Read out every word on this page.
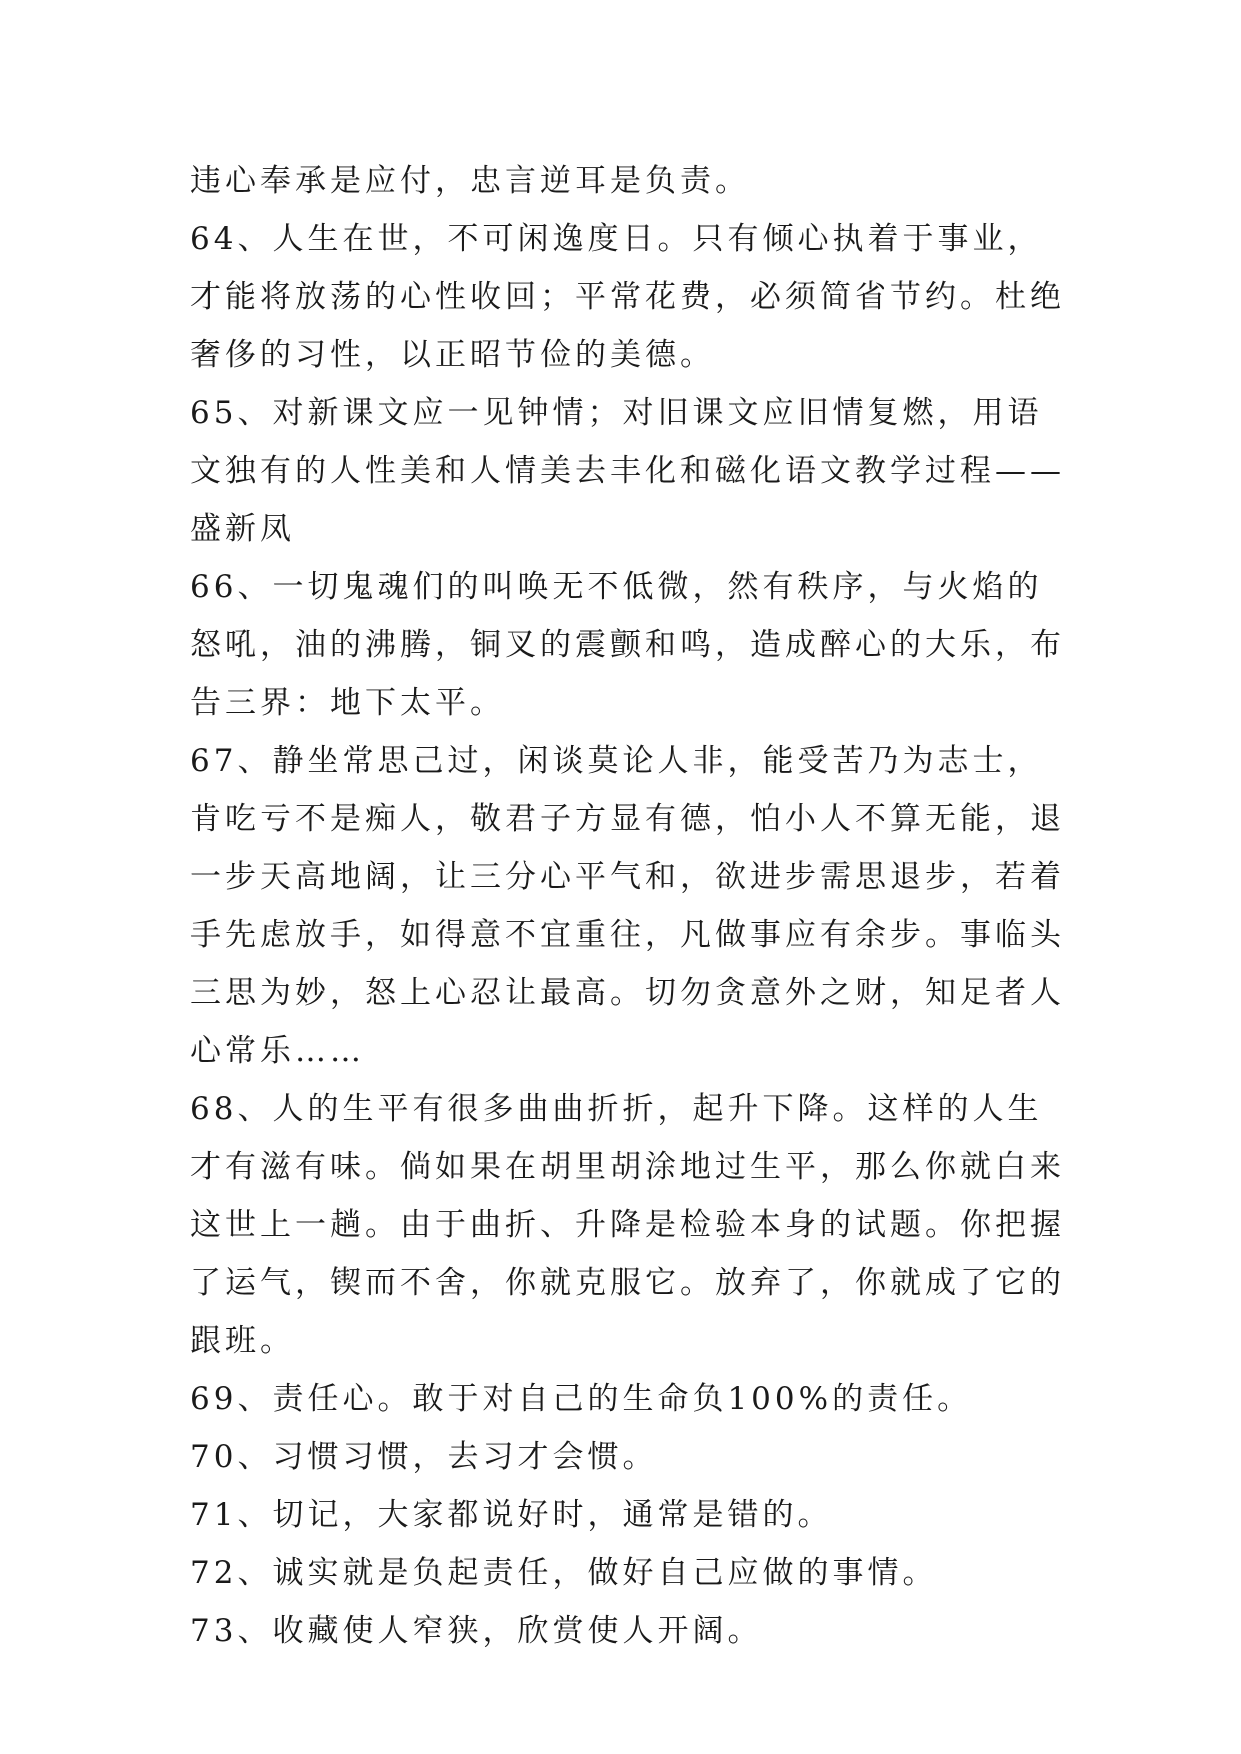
违心奉承是应付，忠言逆耳是负责。

64、人生在世，不可闲逸度日。只有倾心执着于事业，才能将放荡的心性收回；平常花费，必须简省节约。杜绝奢侈的习性，以正昭节俭的美德。

65、对新课文应一见钟情；对旧课文应旧情复燃，用语文独有的人性美和人情美去丰化和磁化语文教学过程——盛新凤

66、一切鬼魂们的叫唤无不低微，然有秩序，与火焰的怒吼，油的沸腾，铜叉的震颤和鸣，造成醉心的大乐，布告三界：地下太平。

67、静坐常思己过，闲谈莫论人非，能受苦乃为志士，肯吃亏不是痴人，敬君子方显有德，怕小人不算无能，退一步天高地阔，让三分心平气和，欲进步需思退步，若着手先虑放手，如得意不宜重往，凡做事应有余步。事临头三思为妙，怒上心忍让最高。切勿贪意外之财，知足者人心常乐……

68、人的生平有很多曲曲折折，起升下降。这样的人生才有滋有味。倘如果在胡里胡涂地过生平，那么你就白来这世上一趟。由于曲折、升降是检验本身的试题。你把握了运气，锲而不舍，你就克服它。放弃了，你就成了它的跟班。

69、责任心。敢于对自己的生命负100%的责任。

70、习惯习惯，去习才会惯。

71、切记，大家都说好时，通常是错的。

72、诚实就是负起责任，做好自己应做的事情。

73、收藏使人窄狭，欣赏使人开阔。
